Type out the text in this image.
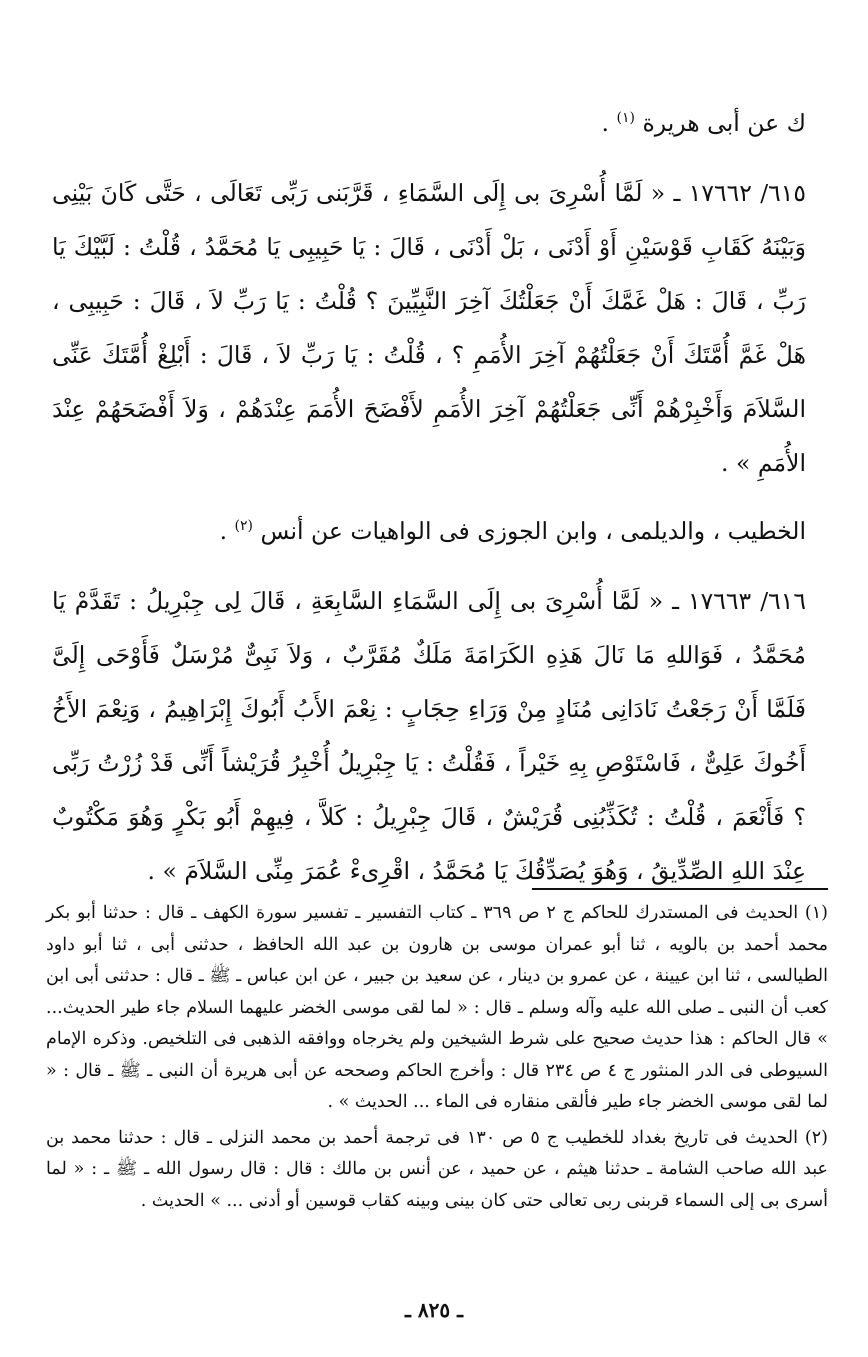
ك عن أبى هريرة $^{(١)}$ .

٦١٥/ ١٧٦٦٢ ـ « لَمَّا أُسْرِىَ بى إِلَى السَّمَاءِ ، قَرَّبَنى رَبِّى تَعَالَى ، حَتَّى كَانَ بَيْنِى وَبَيْنَهُ كَقَابِ قَوْسَيْنِ أَوْ أَدْنَى ، بَلْ أَدْنَى ، قَالَ : يَا حَبِيبِى يَا مُحَمَّدُ ، قُلْتُ : لَبَّيْكَ يَا رَبِّ ، قَالَ : هَلْ غَمَّكَ أَنْ جَعَلْتُكَ آخِرَ النَّبِيِّينَ ؟ قُلْتُ : يَا رَبِّ لاَ ، قَالَ : حَبِيبِى ، هَلْ غَمَّ أُمَّتَكَ أَنْ جَعَلْتُهُمْ آخِرَ الأُمَمِ ؟ ، قُلْتُ : يَا رَبِّ لاَ ، قَالَ : أَبْلِغْ أُمَّتَكَ عَنِّى السَّلاَمَ وَأَخْبِرْهُمْ أَنِّى جَعَلْتُهُمْ آخِرَ الأُمَمِ لأَفْضَحَ الأُمَمَ عِنْدَهُمْ ، وَلاَ أَفْضَحَهُمْ عِنْدَ الأُمَمِ » .

الخطيب ، والديلمى ، وابن الجوزى فى الواهيات عن أنس $^{(٢)}$ .

٦١٦/ ١٧٦٦٣ ـ « لَمَّا أُسْرِىَ بى إِلَى السَّمَاءِ السَّابِعَةِ ، قَالَ لِى جِبْرِيلُ : تَقَدَّمْ يَا مُحَمَّدُ ، فَوَاللهِ مَا نَالَ هَذِهِ الكَرَامَةَ مَلَكٌ مُقَرَّبٌ ، وَلاَ نَبِىٌّ مُرْسَلٌ فَأَوْحَى إِلَىَّ فَلَمَّا أَنْ رَجَعْتُ نَادَانِى مُنَادٍ مِنْ وَرَاءِ حِجَابٍ : نِعْمَ الأَبُ أَبُوكَ إِبْرَاهِيمُ ، وَنِعْمَ الأَخُ أَخُوكَ عَلِىٌّ ، فَاسْتَوْصِ بِهِ خَيْراً ، فَقُلْتُ : يَا جِبْرِيلُ أُخْبِرُ قُرَيْشاً أَنِّى قَدْ زُرْتُ رَبِّى ؟ فَأَنْعَمَ ، قُلْتُ : تُكَذِّبُنِى قُرَيْشٌ ، قَالَ جِبْرِيلُ : كَلاَّ ، فِيهِمْ أَبُو بَكْرٍ وَهُوَ مَكْتُوبٌ عِنْدَ اللهِ الصِّدِّيقُ ، وَهُوَ يُصَدِّقُكَ يَا مُحَمَّدُ ، اقْرِىءْ عُمَرَ مِنِّى السَّلاَمَ » .

(١) الحديث فى المستدرك للحاكم ج ٢ ص ٣٦٩ ـ كتاب التفسير ـ تفسير سورة الكهف ـ قال : حدثنا أبو بكر محمد أحمد بن بالويه ، ثنا أبو عمران موسى بن هارون بن عبد الله الحافظ ، حدثنى أبى ، ثنا أبو داود الطيالسى ، ثنا ابن عيينة ، عن عمرو بن دينار ، عن سعيد بن جبير ، عن ابن عباس ـ ﷺ ـ قال : حدثنى أبى ابن كعب أن النبى ـ صلى الله عليه وآله وسلم ـ قال : « لما لقى موسى الخضر عليهما السلام جاء طير الحديث... » قال الحاكم : هذا حديث صحيح على شرط الشيخين ولم يخرجاه ووافقه الذهبى فى التلخيص. وذكره الإمام السيوطى فى الدر المنثور ج ٤ ص ٢٣٤ قال : وأخرج الحاكم وصححه عن أبى هريرة أن النبى ـ ﷺ ـ قال : « لما لقى موسى الخضر جاء طير فألقى منقاره فى الماء ... الحديث » .

(٢) الحديث فى تاريخ بغداد للخطيب ج ٥ ص ١٣٠ فى ترجمة أحمد بن محمد النزلى ـ قال : حدثنا محمد بن عبد الله صاحب الشامة ـ حدثنا هيثم ، عن حميد ، عن أنس بن مالك : قال : قال رسول الله ـ ﷺ ـ : « لما أسرى بى إلى السماء قربنى ربى تعالى حتى كان بينى وبينه كقاب قوسين أو أدنى ... » الحديث .

ـ ٨٢٥ ـ
